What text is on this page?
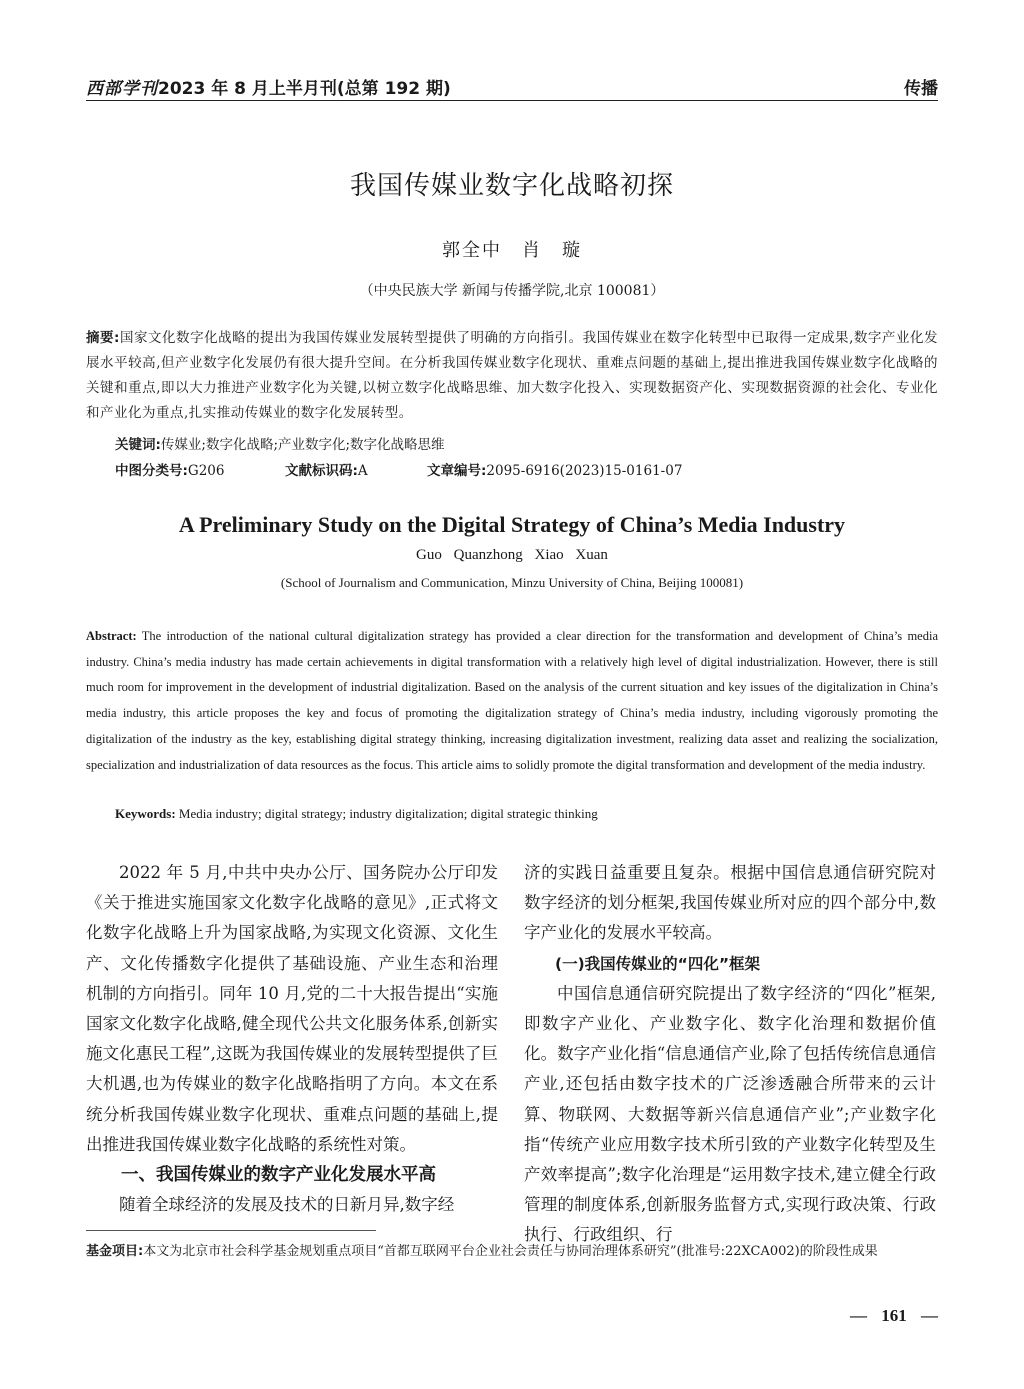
西部学刊2023 年 8 月上半月刊(总第 192 期)	传播
我国传媒业数字化战略初探
郭全中　肖　璇
（中央民族大学 新闻与传播学院,北京 100081）
摘要:国家文化数字化战略的提出为我国传媒业发展转型提供了明确的方向指引。我国传媒业在数字化转型中已取得一定成果,数字产业化发展水平较高,但产业数字化发展仍有很大提升空间。在分析我国传媒业数字化现状、重难点问题的基础上,提出推进我国传媒业数字化战略的关键和重点,即以大力推进产业数字化为关键,以树立数字化战略思维、加大数字化投入、实现数据资产化、实现数据资源的社会化、专业化和产业化为重点,扎实推动传媒业的数字化发展转型。
关键词:传媒业;数字化战略;产业数字化;数字化战略思维
中图分类号:G206	文献标识码:A	文章编号:2095-6916(2023)15-0161-07
A Preliminary Study on the Digital Strategy of China’s Media Industry
Guo Quanzhong Xiao Xuan
(School of Journalism and Communication, Minzu University of China, Beijing 100081)
Abstract: The introduction of the national cultural digitalization strategy has provided a clear direction for the transformation and development of China’s media industry. China’s media industry has made certain achievements in digital transformation with a relatively high level of digital industrialization. However, there is still much room for improvement in the development of industrial digitalization. Based on the analysis of the current situation and key issues of the digitalization in China’s media industry, this article proposes the key and focus of promoting the digitalization strategy of China’s media industry, including vigorously promoting the digitalization of the industry as the key, establishing digital strategy thinking, increasing digitalization investment, realizing data asset and realizing the socialization, specialization and industrialization of data resources as the focus. This article aims to solidly promote the digital transformation and development of the media industry.
Keywords: Media industry; digital strategy; industry digitalization; digital strategic thinking

2022 年 5 月,中共中央办公厅、国务院办公厅印发《关于推进实施国家文化数字化战略的意见》,正式将文化数字化战略上升为国家战略,为实现文化资源、文化生产、文化传播数字化提供了基础设施、产业生态和治理机制的方向指引。同年 10 月,党的二十大报告提出“实施国家文化数字化战略,健全现代公共文化服务体系,创新实施文化惠民工程”,这既为我国传媒业的发展转型提供了巨大机遇,也为传媒业的数字化战略指明了方向。本文在系统分析我国传媒业数字化现状、重难点问题的基础上,提出推进我国传媒业数字化战略的系统性对策。

一、我国传媒业的数字产业化发展水平高

随着全球经济的发展及技术的日新月异,数字经

济的实践日益重要且复杂。根据中国信息通信研究院对数字经济的划分框架,我国传媒业所对应的四个部分中,数字产业化的发展水平较高。

(一)我国传媒业的“四化”框架

中国信息通信研究院提出了数字经济的“四化”框架,即数字产业化、产业数字化、数字化治理和数据价值化。数字产业化指“信息通信产业,除了包括传统信息通信产业,还包括由数字技术的广泛渗透融合所带来的云计算、物联网、大数据等新兴信息通信产业”;产业数字化指“传统产业应用数字技术所引致的产业数字化转型及生产效率提高”;数字化治理是“运用数字技术,建立健全行政管理的制度体系,创新服务监督方式,实现行政决策、行政执行、行政组织、行

基金项目:本文为北京市社会科学基金规划重点项目“首都互联网平台企业社会责任与协同治理体系研究”(批准号:22XCA002)的阶段性成果
— 161 —
